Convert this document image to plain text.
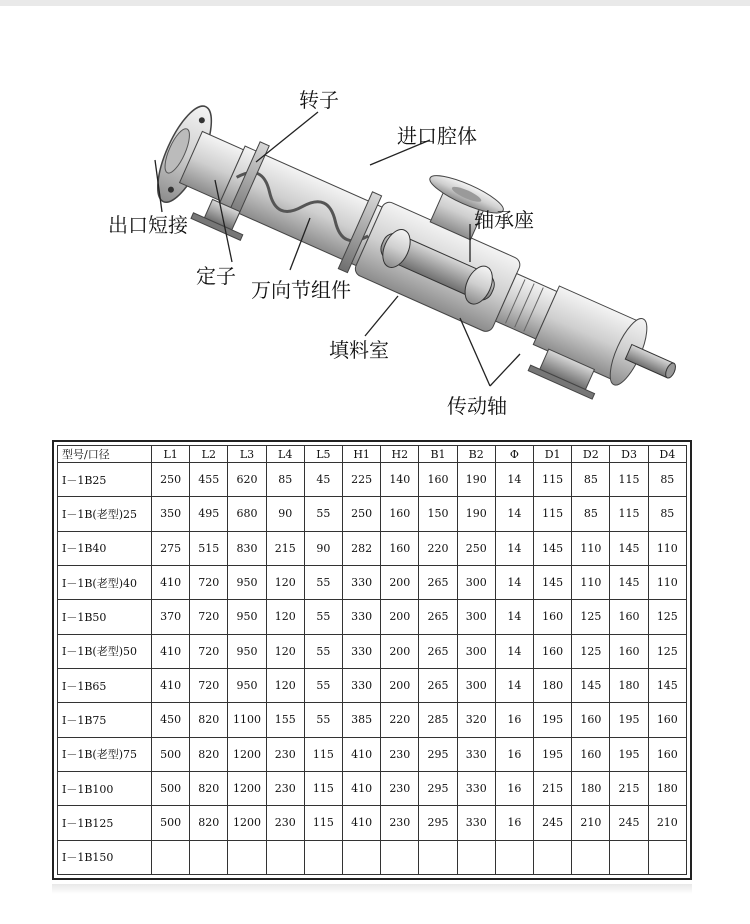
转子
进口腔体
出口短接	轴承座
定子
万向节组件
填料室
传动轴
型号/口径	L1	L2	L3	L4	L5	H1	H2	B1	B2	Φ	D1	D2	D3	D4
I－1B25	250	455	620	85	45	225	140	160	190	14	115	85	115	85
I－1B(老型)25	350	495	680	90	55	250	160	150	190	14	115	85	115	85
I－1B40	275	515	830	215	90	282	160	220	250	14	145	110	145	110
I－1B(老型)40	410	720	950	120	55	330	200	265	300	14	145	110	145	110
I－1B50	370	720	950	120	55	330	200	265	300	14	160	125	160	125
I－1B(老型)50	410	720	950	120	55	330	200	265	300	14	160	125	160	125
I－1B65	410	720	950	120	55	330	200	265	300	14	180	145	180	145
I－1B75	450	820	1100	155	55	385	220	285	320	16	195	160	195	160
I－1B(老型)75	500	820	1200	230	115	410	230	295	330	16	195	160	195	160
I－1B100	500	820	1200	230	115	410	230	295	330	16	215	180	215	180
I－1B125	500	820	1200	230	115	410	230	295	330	16	245	210	245	210
I－1B150														
